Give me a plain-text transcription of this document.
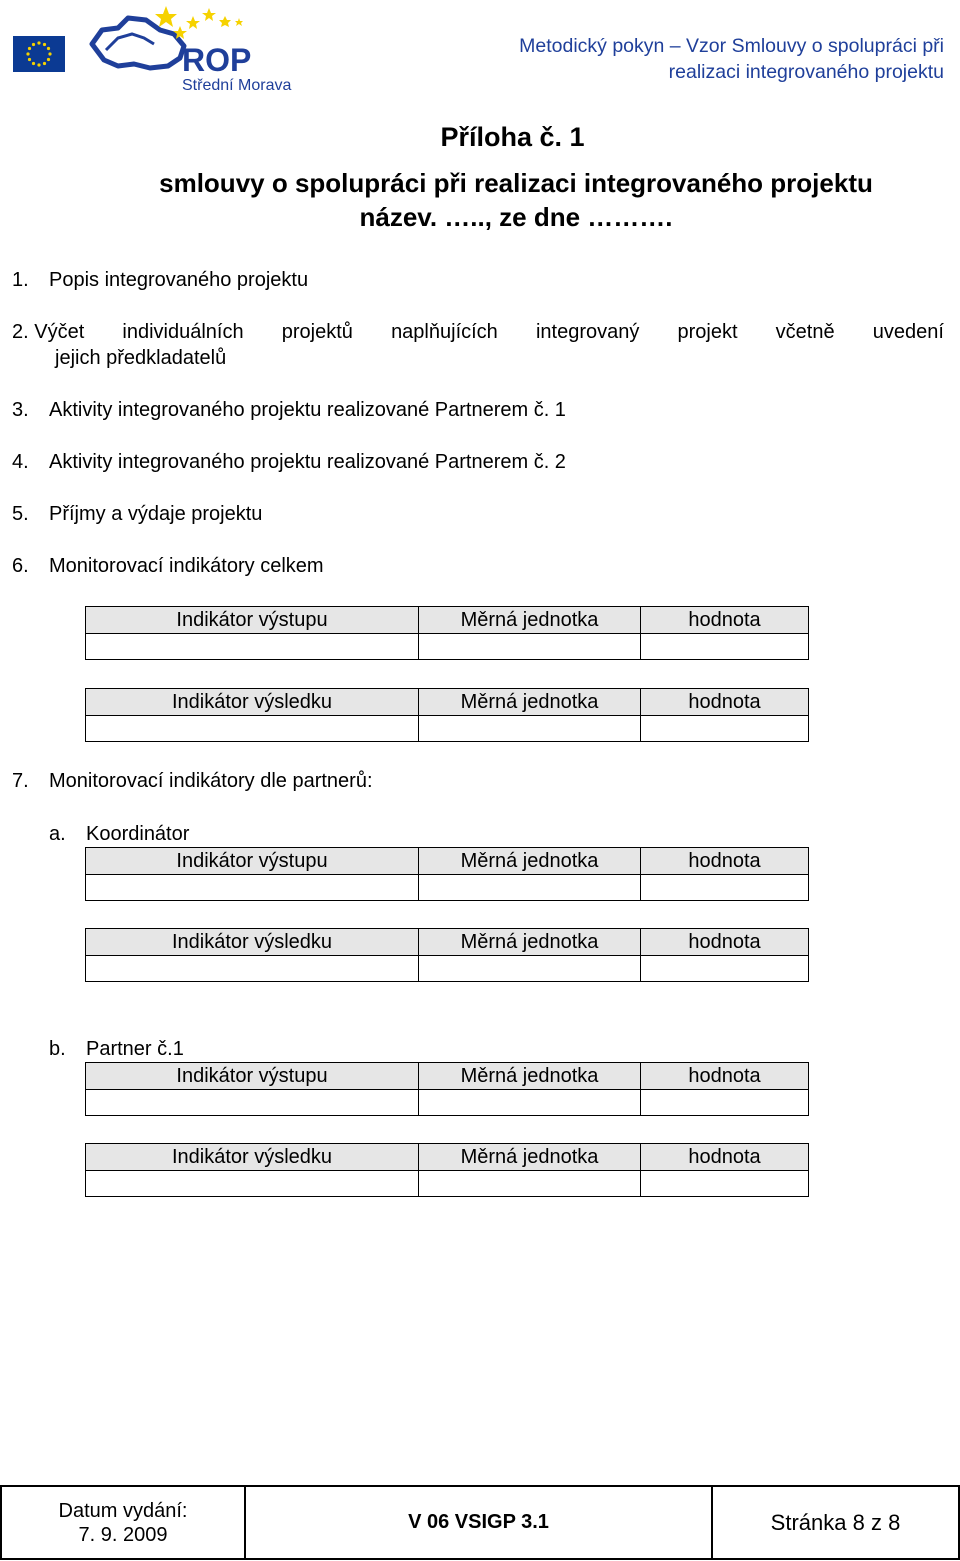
ROP
Střední Morava
Metodický pokyn – Vzor Smlouvy o spolupráci při
realizaci integrovaného projektu
Příloha č. 1
smlouvy o spolupráci při realizaci integrovaného projektu
název. ….., ze dne ……….
1. Popis integrovaného projektu
2. Výčet individuálních projektů naplňujících integrovaný projekt včetně uvedení
jejich předkladatelů
3. Aktivity integrovaného projektu realizované Partnerem č. 1
4. Aktivity integrovaného projektu realizované Partnerem č. 2
5. Příjmy a výdaje projektu
6. Monitorovací indikátory celkem
Indikátor výstupu	Měrná jednotka	hodnota

Indikátor výsledku	Měrná jednotka	hodnota

7. Monitorovací indikátory dle partnerů:
a. Koordinátor
Indikátor výstupu	Měrná jednotka	hodnota

Indikátor výsledku	Měrná jednotka	hodnota

b. Partner č.1
Indikátor výstupu	Měrná jednotka	hodnota

Indikátor výsledku	Měrná jednotka	hodnota

Datum vydání:
7. 9. 2009
	V 06 VSIGP 3.1	Stránka 8 z 8
